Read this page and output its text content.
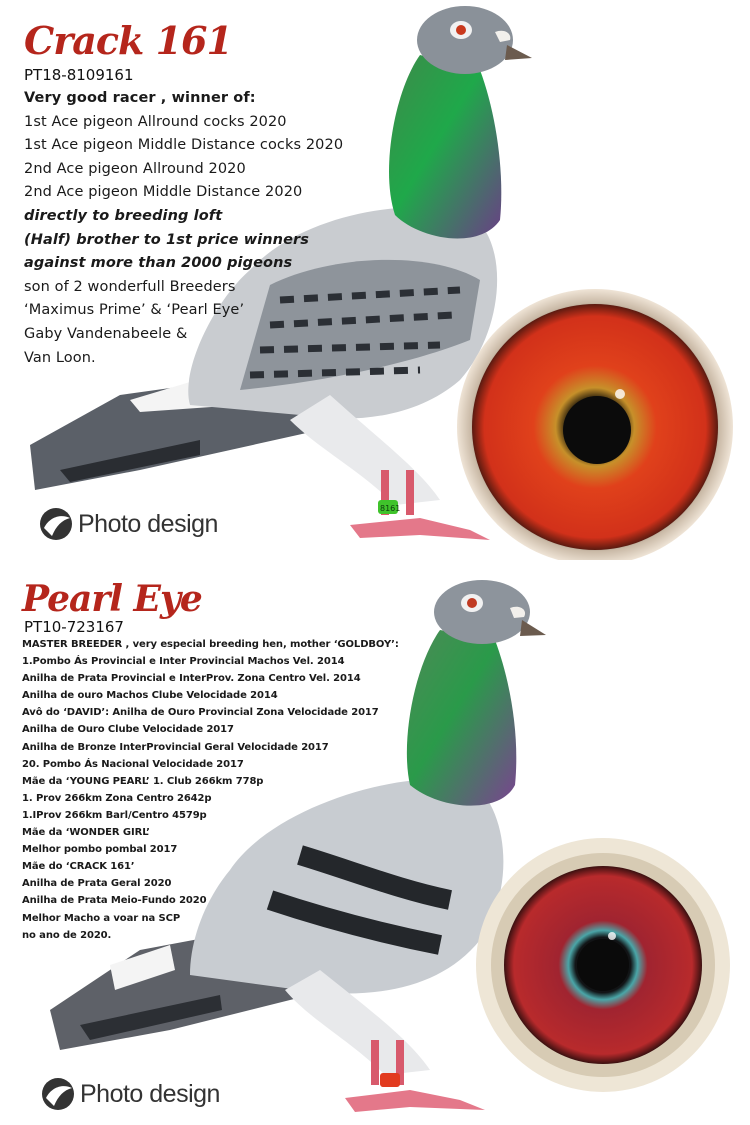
8161
Crack 161
PT18-8109161
Very good racer , winner of:
1st Ace pigeon Allround cocks 2020
1st Ace pigeon Middle Distance cocks 2020
2nd Ace pigeon Allround 2020
2nd Ace pigeon Middle Distance 2020
directly to breeding loft
(Half) brother to 1st price winners
against more than 2000 pigeons
son of 2 wonderfull Breeders
‘Maximus Prime’ & ‘Pearl Eye’
Gaby Vandenabeele &
Van Loon.
Photo design
Pearl Eye
PT10-723167
MASTER BREEDER , very especial breeding hen, mother ‘GOLDBOY’:
1.Pombo Ás Provincial e Inter Provincial Machos Vel. 2014
Anilha de Prata Provincial e InterProv. Zona Centro Vel. 2014
Anilha de ouro Machos Clube Velocidade 2014
Avô do ‘DAVID’: Anilha de Ouro Provincial Zona Velocidade 2017
Anilha de Ouro Clube Velocidade 2017
Anilha de Bronze InterProvincial Geral Velocidade 2017
20. Pombo Ás Nacional Velocidade 2017
Mãe da ‘YOUNG PEARL’ 1. Club 266km 778p
1. Prov 266km Zona Centro 2642p
1.IProv 266km Barl/Centro 4579p
Mãe da ‘WONDER GIRL’
Melhor pombo pombal 2017
Mãe do ‘CRACK 161’
Anilha de Prata Geral 2020
Anilha de Prata Meio-Fundo 2020
Melhor Macho a voar na SCP
no ano de 2020.
Photo design
